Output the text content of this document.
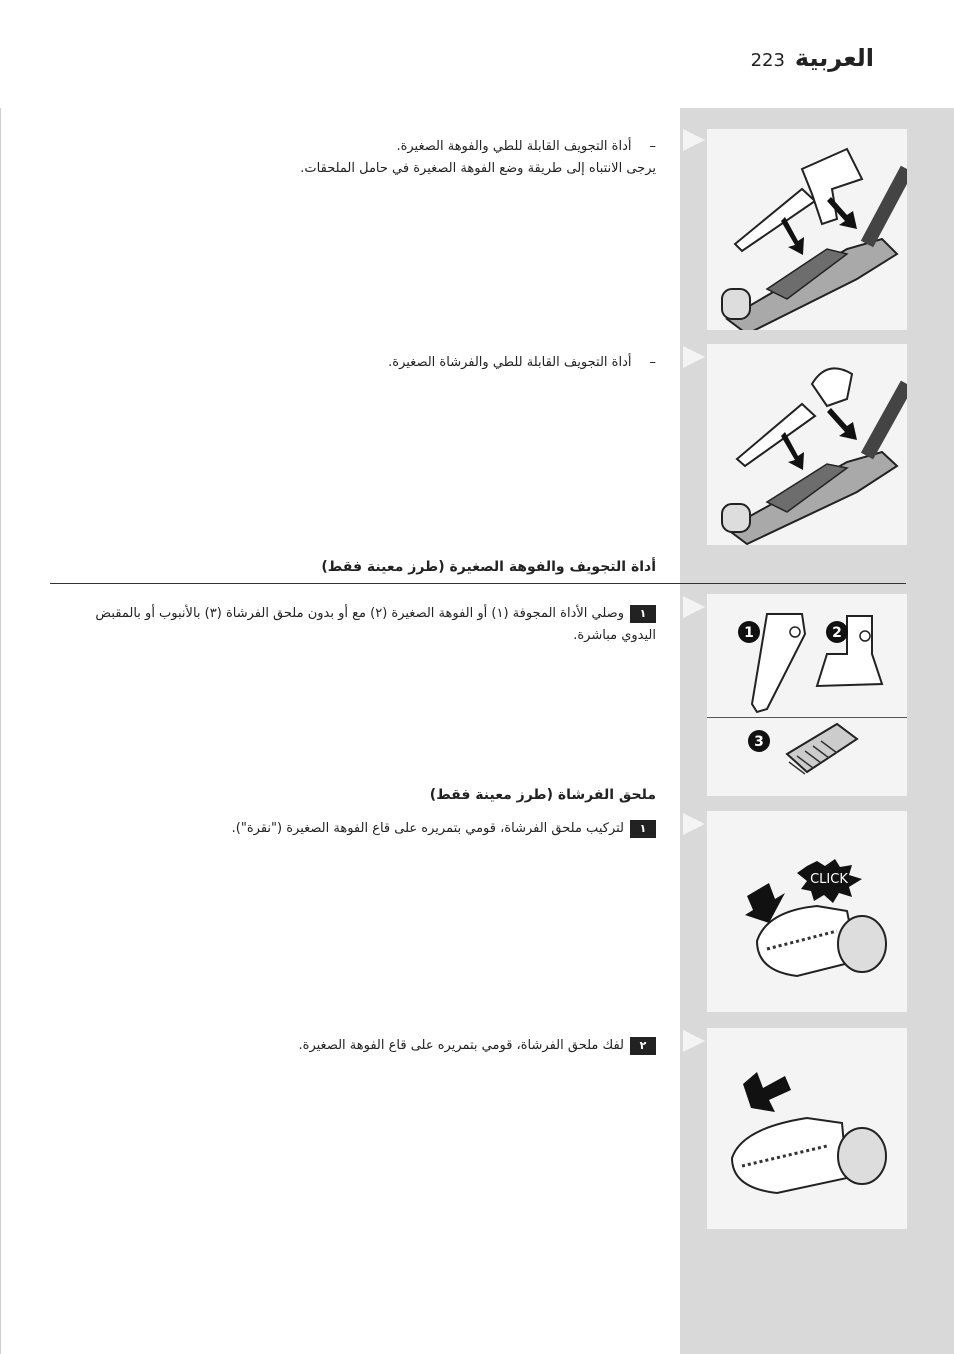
223 العربية
–أداة التجويف القابلة للطي والفوهة الصغيرة.
يرجى الانتباه إلى طريقة وضع الفوهة الصغيرة في حامل الملحقات.
–أداة التجويف القابلة للطي والفرشاة الصغيرة.
أداة التجويف والفوهة الصغيرة (طرز معينة فقط)
١وصلي الأداة المجوفة (١) أو الفوهة الصغيرة (٢) مع أو بدون ملحق الفرشاة (٣) بالأنبوب أو بالمقبض اليدوي مباشرة.	1	2
3
ملحق الفرشاة (طرز معينة فقط)
١لتركيب ملحق الفرشاة، قومي بتمريره على قاع الفوهة الصغيرة ("نقرة").
CLICK
٢لفك ملحق الفرشاة، قومي بتمريره على قاع الفوهة الصغيرة.
